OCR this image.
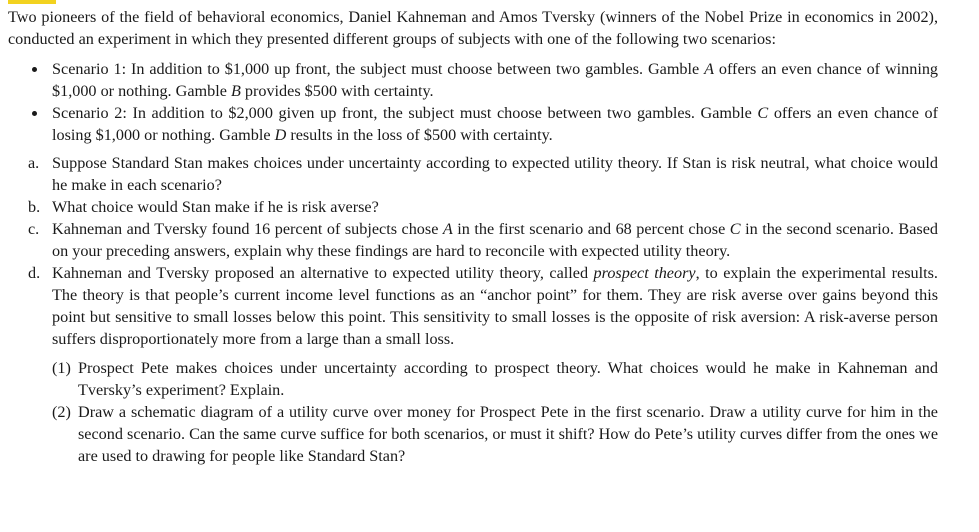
Two pioneers of the field of behavioral economics, Daniel Kahneman and Amos Tversky (winners of the Nobel Prize in economics in 2002), conducted an experiment in which they presented different groups of subjects with one of the following two scenarios:

Scenario 1: In addition to $1,000 up front, the subject must choose between two gambles. Gamble A offers an even chance of winning $1,000 or nothing. Gamble B provides $500 with certainty.
Scenario 2: In addition to $2,000 given up front, the subject must choose between two gambles. Gamble C offers an even chance of losing $1,000 or nothing. Gamble D results in the loss of $500 with certainty.
a. Suppose Standard Stan makes choices under uncertainty according to expected utility theory. If Stan is risk neutral, what choice would he make in each scenario?
b. What choice would Stan make if he is risk averse?
c. Kahneman and Tversky found 16 percent of subjects chose A in the first scenario and 68 percent chose C in the second scenario. Based on your preceding answers, explain why these findings are hard to reconcile with expected utility theory.
d. Kahneman and Tversky proposed an alternative to expected utility theory, called prospect theory, to explain the experimental results. The theory is that people’s current income level functions as an “anchor point” for them. They are risk averse over gains beyond this point but sensitive to small losses below this point. This sensitivity to small losses is the opposite of risk aversion: A risk-averse person suffers disproportionately more from a large than a small loss.
(1) Prospect Pete makes choices under uncertainty according to prospect theory. What choices would he make in Kahneman and Tversky’s experiment? Explain.
(2) Draw a schematic diagram of a utility curve over money for Prospect Pete in the first scenario. Draw a utility curve for him in the second scenario. Can the same curve suffice for both scenarios, or must it shift? How do Pete’s utility curves differ from the ones we are used to drawing for people like Standard Stan?
